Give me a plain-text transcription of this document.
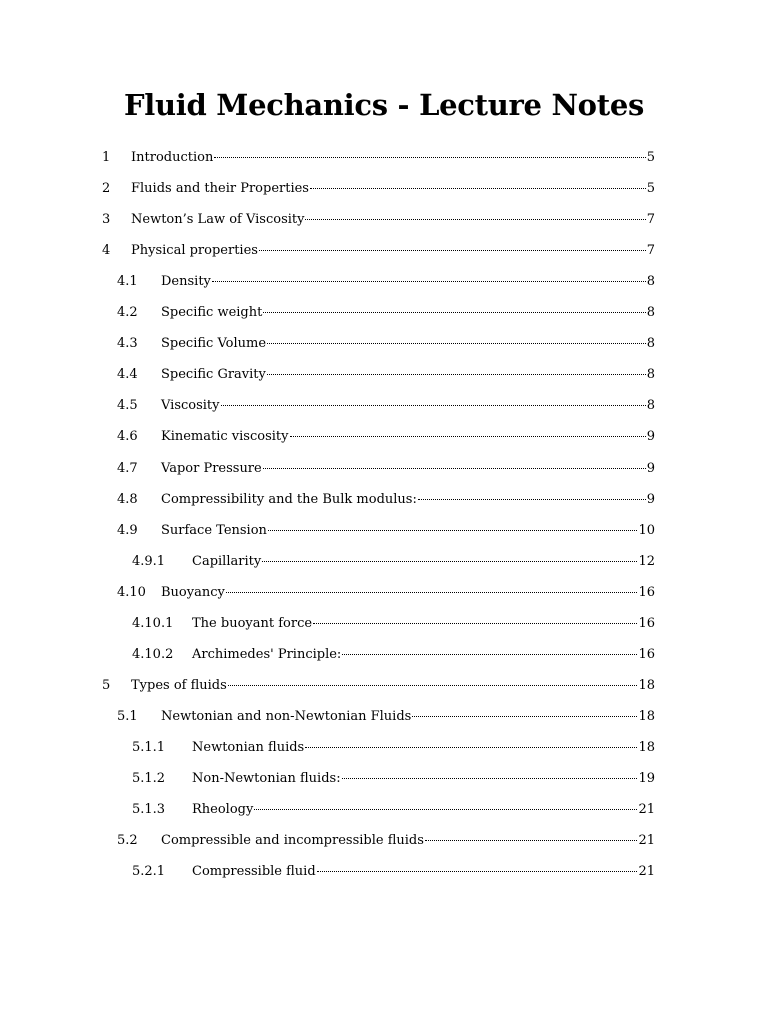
Fluid Mechanics - Lecture Notes
1	Introduction	5
2	Fluids and their Properties	5
3	Newton’s Law of Viscosity	7
4	Physical properties	7
4.1	Density	8
4.2	Specific weight	8
4.3	Specific Volume	8
4.4	Specific Gravity	8
4.5	Viscosity	8
4.6	Kinematic viscosity	9
4.7	Vapor Pressure	9
4.8	Compressibility and the Bulk modulus:	9
4.9	Surface Tension	10
4.9.1	Capillarity	12
4.10	Buoyancy	16
4.10.1	The buoyant force	16
4.10.2	Archimedes' Principle:	16
5	Types of fluids	18
5.1	Newtonian and non-Newtonian Fluids	18
5.1.1	Newtonian fluids	18
5.1.2	Non-Newtonian fluids:	19
5.1.3	Rheology	21
5.2	Compressible and incompressible fluids	21
5.2.1	Compressible fluid	21
